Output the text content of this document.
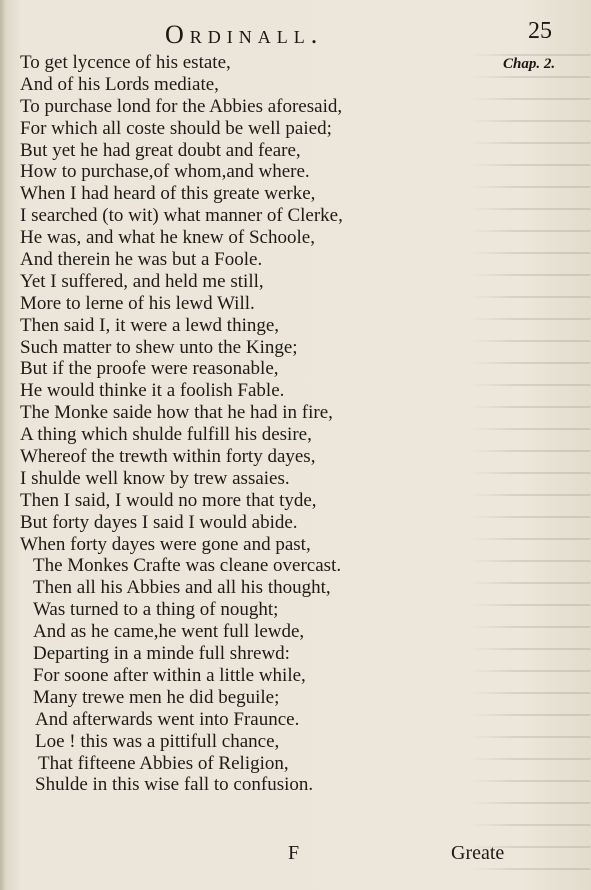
Ordinall.	25
Chap. 2.
To get lycence of his estate,
And of his Lords mediate,
To purchase lond for the Abbies aforesaid,
For which all coste should be well paied;
But yet he had great doubt and feare,
How to purchase,of whom,and where.
When I had heard of this greate werke,
I searched (to wit) what manner of Clerke,
He was, and what he knew of Schoole,
And therein he was but a Foole.
Yet I suffered, and held me still,
More to lerne of his lewd Will.
Then said I, it were a lewd thinge,
Such matter to shew unto the Kinge;
But if the proofe were reasonable,
He would thinke it a foolish Fable.
The Monke saide how that he had in fire,
A thing which shulde fulfill his desire,
Whereof the trewth within forty dayes,
I shulde well know by trew assaies.
Then I said, I would no more that tyde,
But forty dayes I said I would abide.
When forty dayes were gone and past,
The Monkes Crafte was cleane overcast.
Then all his Abbies and all his thought,
Was turned to a thing of nought;
And as he came,he went full lewde,
Departing in a minde full shrewd:
For soone after within a little while,
Many trewe men he did beguile;
And afterwards went into Fraunce.
Loe ! this was a pittifull chance,
That fifteene Abbies of Religion,
Shulde in this wise fall to confusion.
F	Greate
